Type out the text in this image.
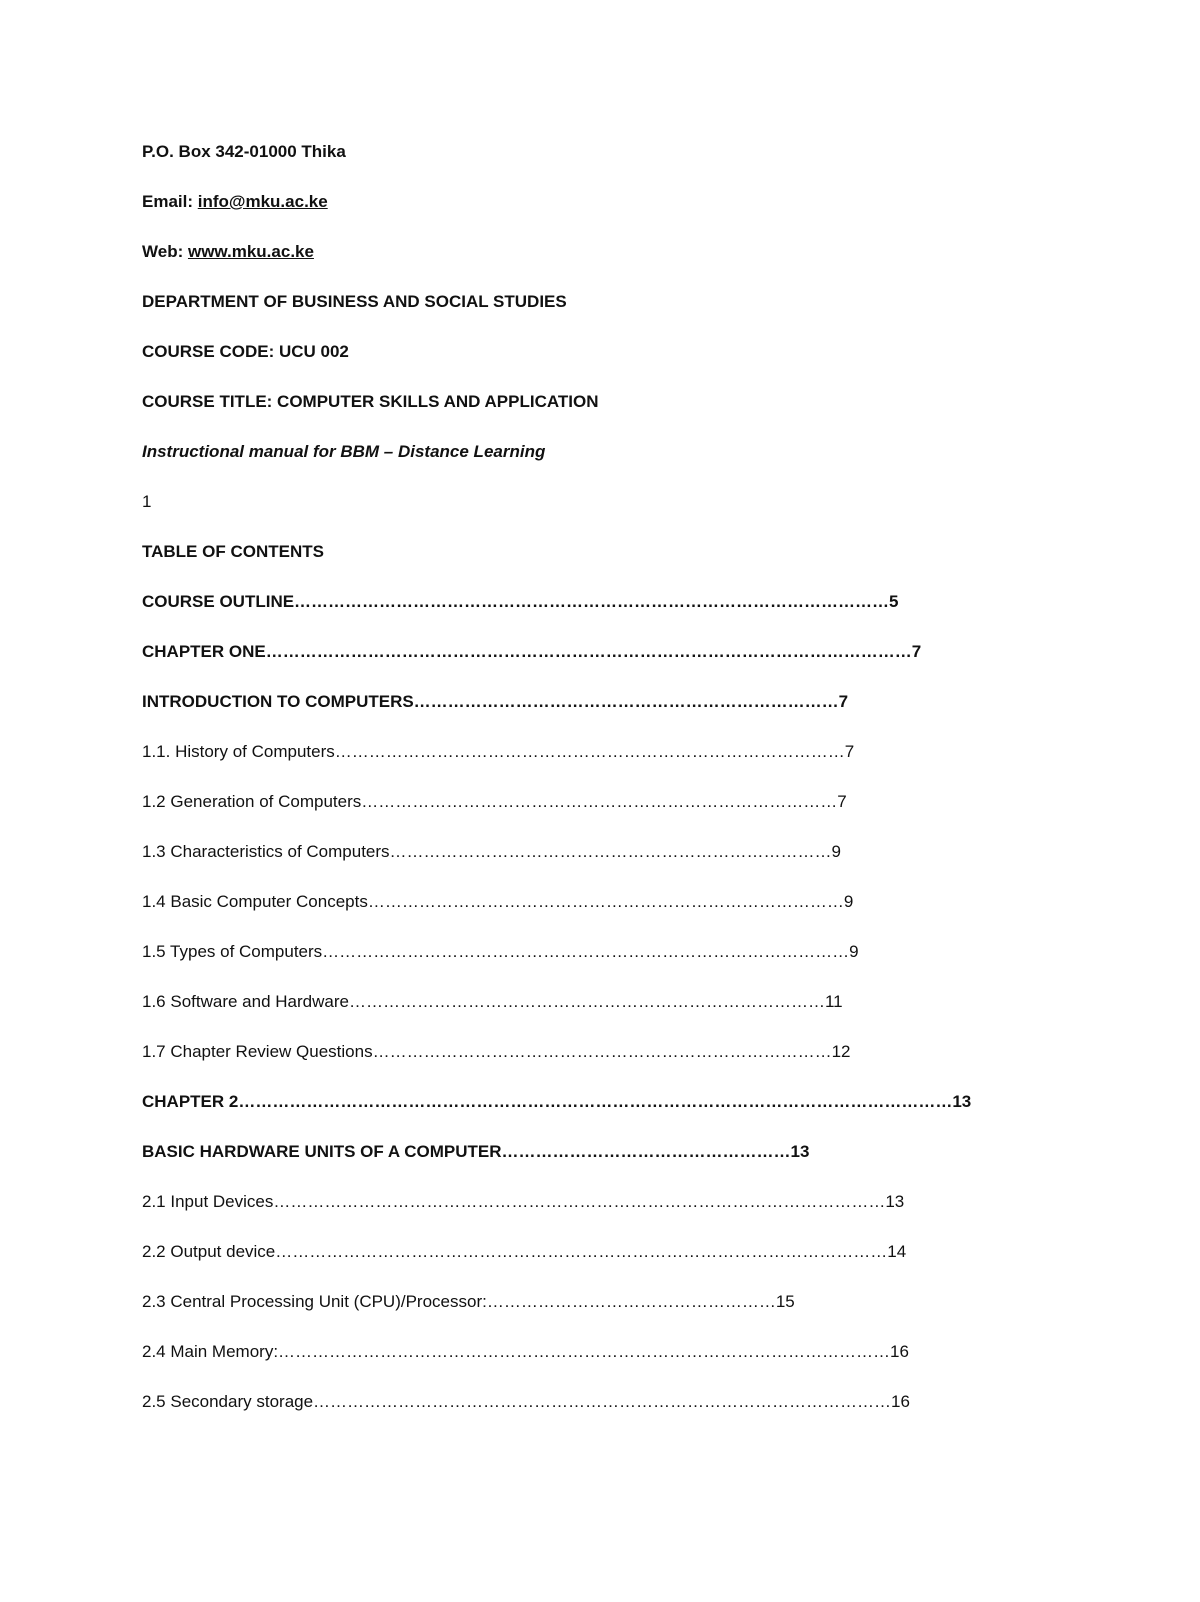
P.O. Box 342-01000 Thika
Email: info@mku.ac.ke
Web: www.mku.ac.ke
DEPARTMENT OF BUSINESS AND SOCIAL STUDIES
COURSE CODE: UCU 002
COURSE TITLE: COMPUTER SKILLS AND APPLICATION
Instructional manual for BBM – Distance Learning
1
TABLE OF CONTENTS
COURSE OUTLINE……………………………………………………………………………………………5
CHAPTER ONE……………………………………………………………………………………………………7
INTRODUCTION TO COMPUTERS…………………………………………………………………7
1.1. History of Computers………………………………………………………………………………7
1.2 Generation of Computers…………………………………………………………………………7
1.3 Characteristics of Computers……………………………………………………………………9
1.4 Basic Computer Concepts…………………………………………………………………………9
1.5 Types of Computers…………………………………………………………………………………9
1.6 Software and Hardware…………………………………………………………………………11
1.7 Chapter Review Questions………………………………………………………………………12
CHAPTER 2………………………………………………………………………………………………………………13
BASIC HARDWARE UNITS OF A COMPUTER……………………………………………13
2.1 Input Devices………………………………………………………………………………………………13
2.2 Output device………………………………………………………………………………………………14
2.3 Central Processing Unit (CPU)/Processor:……………………………………………15
2.4 Main Memory:………………………………………………………………………………………………16
2.5 Secondary storage…………………………………………………………………………………………16
